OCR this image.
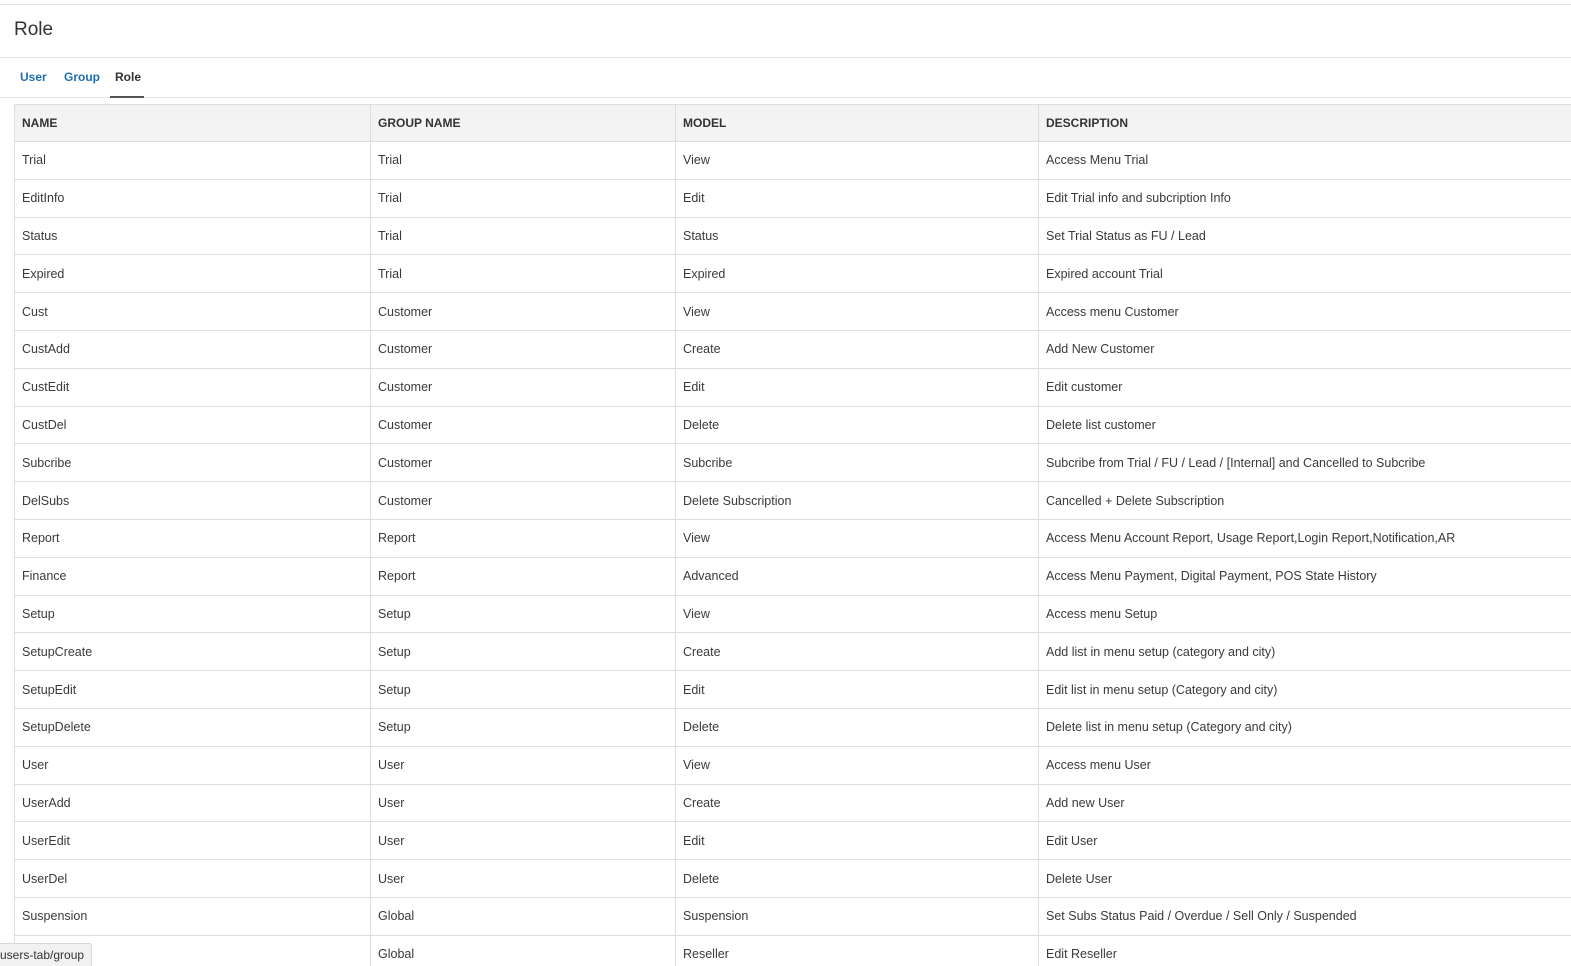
Role
User	Group	Role
NAME	GROUP NAME	MODEL	DESCRIPTION
Trial	Trial	View	Access Menu Trial
EditInfo	Trial	Edit	Edit Trial info and subcription Info
Status	Trial	Status	Set Trial Status as FU / Lead
Expired	Trial	Expired	Expired account Trial
Cust	Customer	View	Access menu Customer
CustAdd	Customer	Create	Add New Customer
CustEdit	Customer	Edit	Edit customer
CustDel	Customer	Delete	Delete list customer
Subcribe	Customer	Subcribe	Subcribe from Trial / FU / Lead / [Internal] and Cancelled to Subcribe
DelSubs	Customer	Delete Subscription	Cancelled + Delete Subscription
Report	Report	View	Access Menu Account Report, Usage Report,Login Report,Notification,AR
Finance	Report	Advanced	Access Menu Payment, Digital Payment, POS State History
Setup	Setup	View	Access menu Setup
SetupCreate	Setup	Create	Add list in menu setup (category and city)
SetupEdit	Setup	Edit	Edit list in menu setup (Category and city)
SetupDelete	Setup	Delete	Delete list in menu setup (Category and city)
User	User	View	Access menu User
UserAdd	User	Create	Add new User
UserEdit	User	Edit	Edit User
UserDel	User	Delete	Delete User
Suspension	Global	Suspension	Set Subs Status Paid / Overdue / Sell Only / Suspended
	Global	Reseller	Edit Reseller
users-tab/group
